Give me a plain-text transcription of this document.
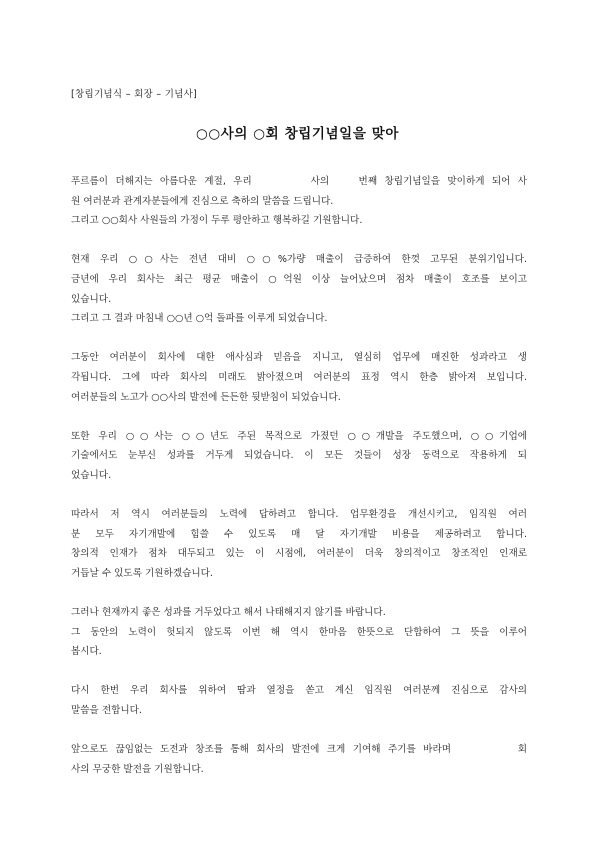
[창립기념식 – 회장 – 기념사]
○○사의 ○회 창립기념일을 맞아
푸르름이 더해지는 아름다운 계절, 우리        사의    번째 창립기념일을 맞이하게 되어 사
원 여러분과 관계자분들에게 진심으로 축하의 말씀을 드립니다.
그리고 ○○회사 사원들의 가정이 두루 평안하고 행복하길 기원합니다.
현재 우리 ○○사는 전년 대비 ○○%가량 매출이 급증하여 한껏 고무된 분위기입니다.
금년에 우리 회사는 최근 평균 매출이 ○억원 이상 늘어났으며 점차 매출이 호조를 보이고
있습니다.
그리고 그 결과 마침내 ○○년 ○억 돌파를 이루게 되었습니다.
그동안 여러분이 회사에 대한 애사심과 믿음을 지니고, 열심히 업무에 매진한 성과라고 생
각됩니다. 그에 따라 회사의 미래도 밝아졌으며 여러분의 표정 역시 한층 밝아져 보입니다.
여러분들의 노고가 ○○사의 발전에 든든한 뒷받침이 되었습니다.
또한 우리 ○○사는 ○○년도 주된 목적으로 가졌던 ○○개발을 주도했으며, ○○기업에
기술에서도 눈부신 성과를 거두게 되었습니다. 이 모든 것들이 성장 동력으로 작용하게 되
었습니다.
따라서 저 역시 여러분들의 노력에 답하려고 합니다. 업무환경을 개선시키고, 임직원 여러
분 모두 자기개발에 힘쓸 수 있도록 매 달 자기개발 비용을 제공하려고 합니다.
창의적 인재가 점차 대두되고 있는 이 시점에, 여러분이 더욱 창의적이고 창조적인 인재로
거듭날 수 있도록 기원하겠습니다.
그러나 현재까지 좋은 성과를 거두었다고 해서 나태해지지 않기를 바랍니다.
그 동안의 노력이 헛되지 않도록 이번 해 역시 한마음 한뜻으로 단합하여 그 뜻을 이루어
봅시다.
다시 한번 우리 회사를 위하여 땀과 열정을 쏟고 계신 임직원 여러분께 진심으로 감사의
말씀을 전합니다.
앞으로도 끊임없는 도전과 창조를 통해 회사의 발전에 크게 기여해 주기를 바라며         회
사의 무궁한 발전을 기원합니다.
